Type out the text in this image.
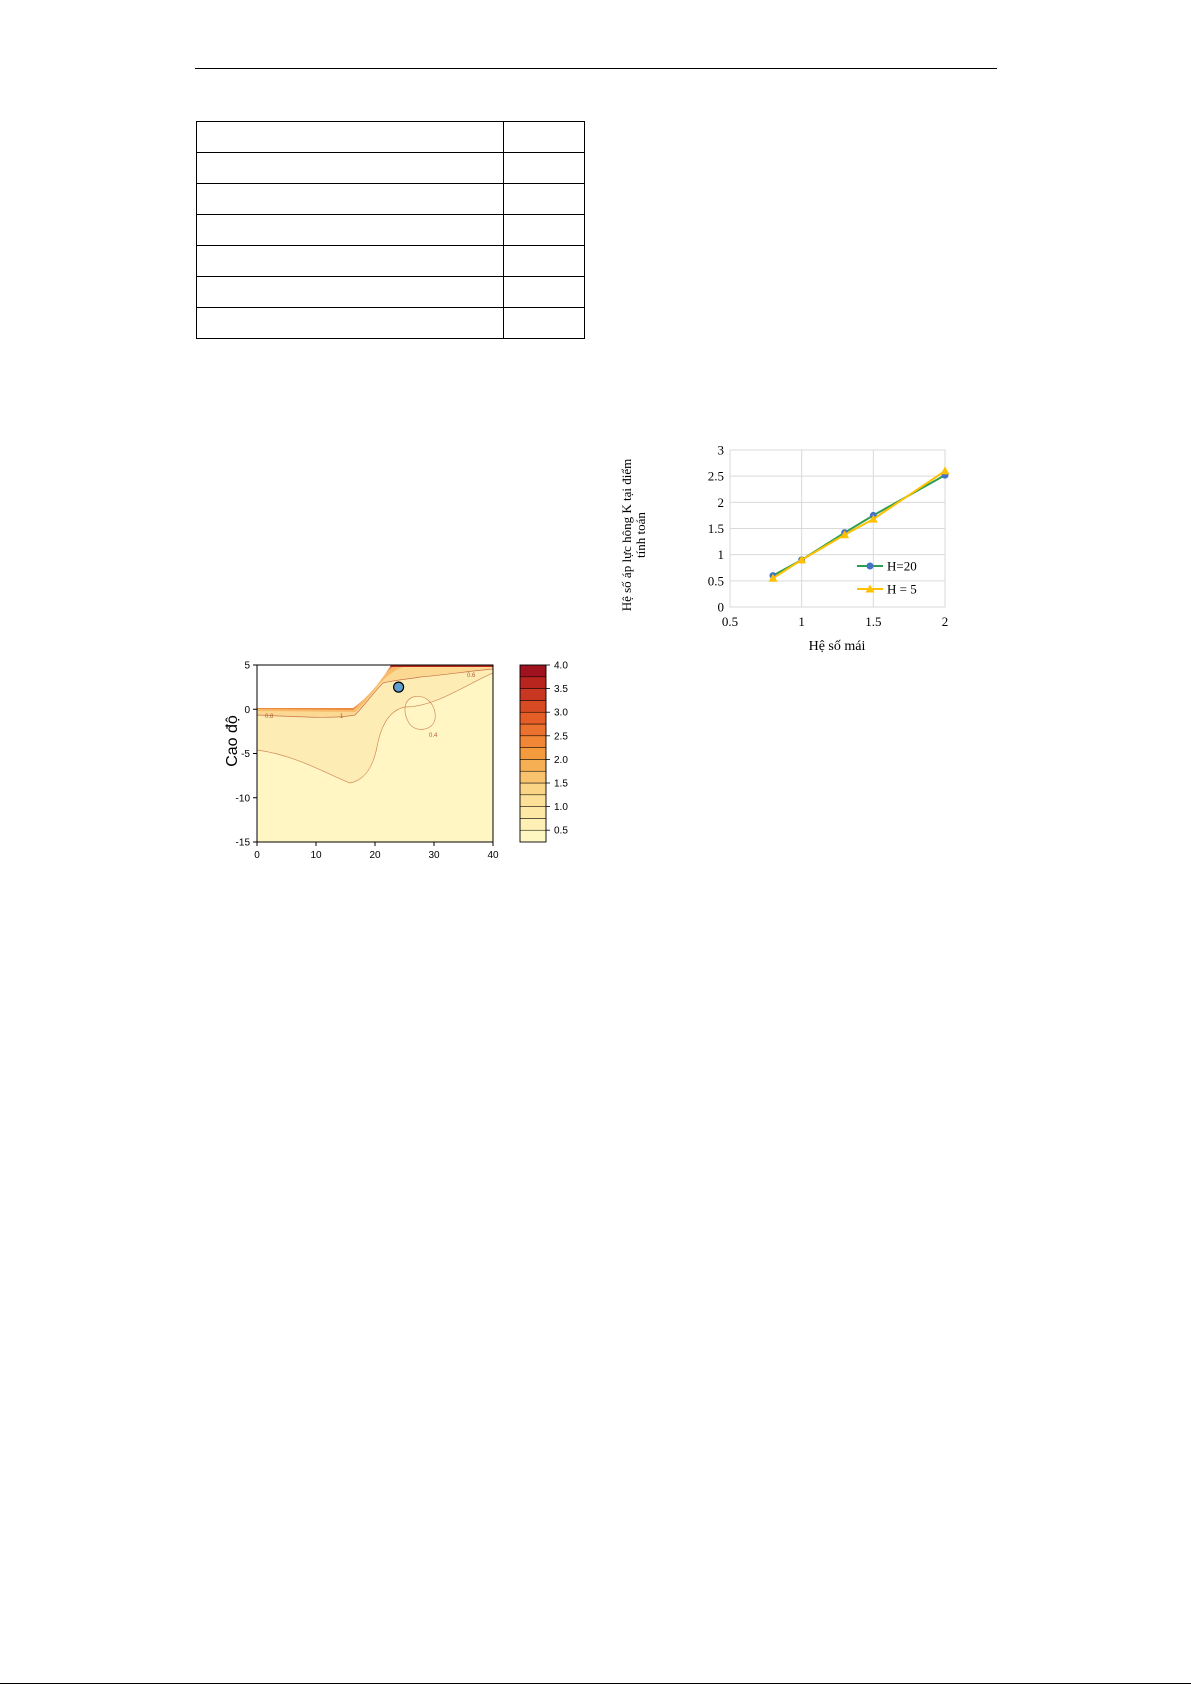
Cao độ	0.8	1
0.6
0.4
0	10	20	30	40
5
0
-5
-10
-15
4.0
3.5
3.0
2.5
2.0
1.5
1.0
0.5
0
0.5
1
1.5
2
2.5
3
0.5	1	1.5	2
H=20
H = 5
Hệ số mái
Hệ số áp lực hông K tại điểm tính toán
